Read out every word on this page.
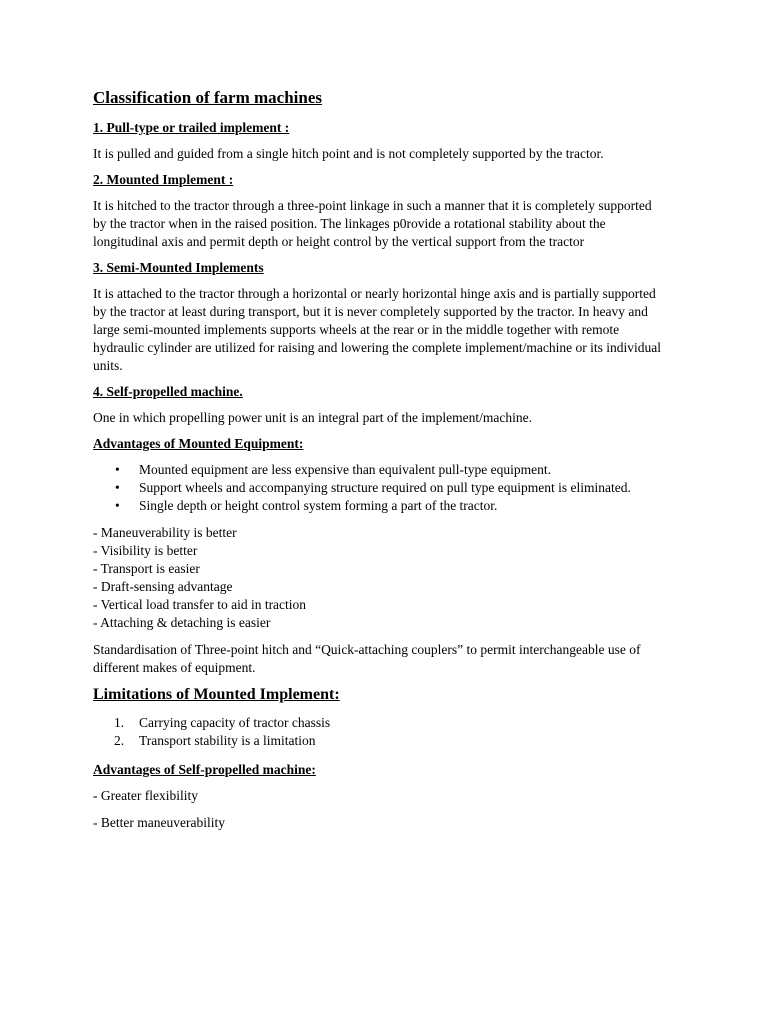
Classification of farm machines
1. Pull-type or trailed implement :

It is pulled and guided from a single hitch point and is not completely supported by the tractor.

2. Mounted Implement :

It is hitched to the tractor through a three-point linkage in such a manner that it is completely supported by the tractor when in the raised position. The linkages p0rovide a rotational stability about the longitudinal axis and permit depth or height control by the vertical support from the tractor

3. Semi-Mounted Implements

It is attached to the tractor through a horizontal or nearly horizontal hinge axis and is partially supported by the tractor at least during transport, but it is never completely supported by the tractor. In heavy and large semi-mounted implements supports wheels at the rear or in the middle together with remote hydraulic cylinder are utilized for raising and lowering the complete implement/machine or its individual units.

4. Self-propelled machine.

One in which propelling power unit is an integral part of the implement/machine.

Advantages of Mounted Equipment:
• Mounted equipment are less expensive than equivalent pull-type equipment.
• Support wheels and accompanying structure required on pull type equipment is eliminated.
• Single depth or height control system forming a part of the tractor.
- Maneuverability is better
- Visibility is better
- Transport is easier
- Draft-sensing advantage
- Vertical load transfer to aid in traction
- Attaching & detaching is easier

Standardisation of Three-point hitch and “Quick-attaching couplers” to permit interchangeable use of different makes of equipment.

Limitations of Mounted Implement:
1. Carrying capacity of tractor chassis
2. Transport stability is a limitation
Advantages of Self-propelled machine:

- Greater flexibility

- Better maneuverability
